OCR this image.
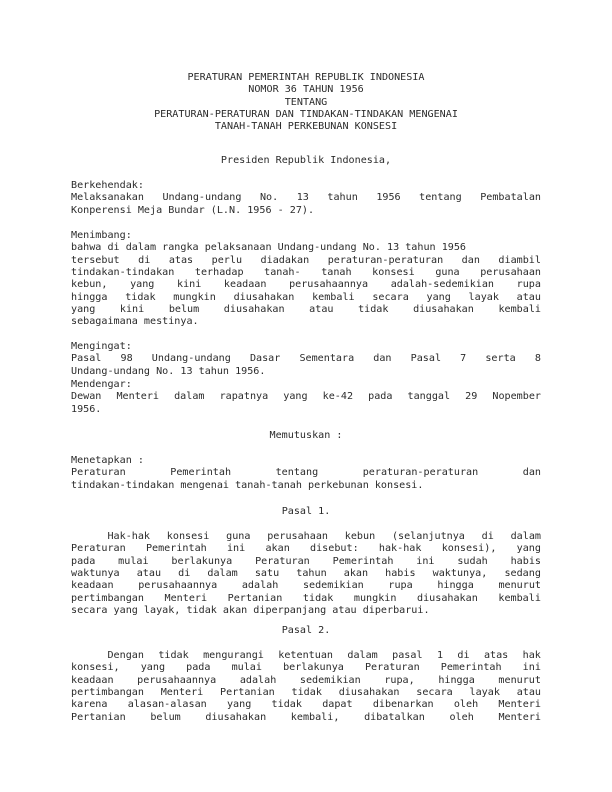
PERATURAN PEMERINTAH REPUBLIK INDONESIA
NOMOR 36 TAHUN 1956
TENTANG
PERATURAN-PERATURAN DAN TINDAKAN-TINDAKAN MENGENAI
TANAH-TANAH PERKEBUNAN KONSESI
Presiden Republik Indonesia,
Berkehendak:
Melaksanakan Undang-undang No. 13 tahun 1956 tentang Pembatalan
Konperensi Meja Bundar (L.N. 1956 - 27).
Menimbang:
bahwa di dalam rangka pelaksanaan Undang-undang No. 13 tahun 1956
tersebut di atas perlu diadakan peraturan-peraturan dan diambil
tindakan-tindakan terhadap tanah- tanah konsesi guna perusahaan
kebun, yang kini keadaan perusahaannya adalah-sedemikian rupa
hingga tidak mungkin diusahakan kembali secara yang layak atau
yang kini belum diusahakan atau tidak diusahakan kembali
sebagaimana mestinya.
Mengingat:
Pasal 98 Undang-undang Dasar Sementara dan Pasal 7 serta 8
Undang-undang No. 13 tahun 1956.
Mendengar:
Dewan Menteri dalam rapatnya yang ke-42 pada tanggal 29 Nopember
1956.
Memutuskan :
Menetapkan :
Peraturan	Pemerintah	tentang	peraturan-peraturan	dan
tindakan-tindakan mengenai tanah-tanah perkebunan konsesi.
Pasal 1.
Hak-hak konsesi guna perusahaan kebun (selanjutnya di dalam
Peraturan Pemerintah ini akan disebut: hak-hak konsesi), yang
pada mulai berlakunya Peraturan Pemerintah ini sudah habis
waktunya atau di dalam satu tahun akan habis waktunya, sedang
keadaan perusahaannya adalah sedemikian rupa hingga menurut
pertimbangan Menteri Pertanian tidak mungkin diusahakan kembali
secara yang layak, tidak akan diperpanjang atau diperbarui.
Pasal 2.
Dengan tidak mengurangi ketentuan dalam pasal 1 di atas hak
konsesi, yang pada mulai berlakunya Peraturan Pemerintah ini
keadaan perusahaannya adalah sedemikian rupa, hingga menurut
pertimbangan Menteri Pertanian tidak diusahakan secara layak atau
karena alasan-alasan yang tidak dapat dibenarkan oleh Menteri
Pertanian belum diusahakan kembali, dibatalkan oleh Menteri
